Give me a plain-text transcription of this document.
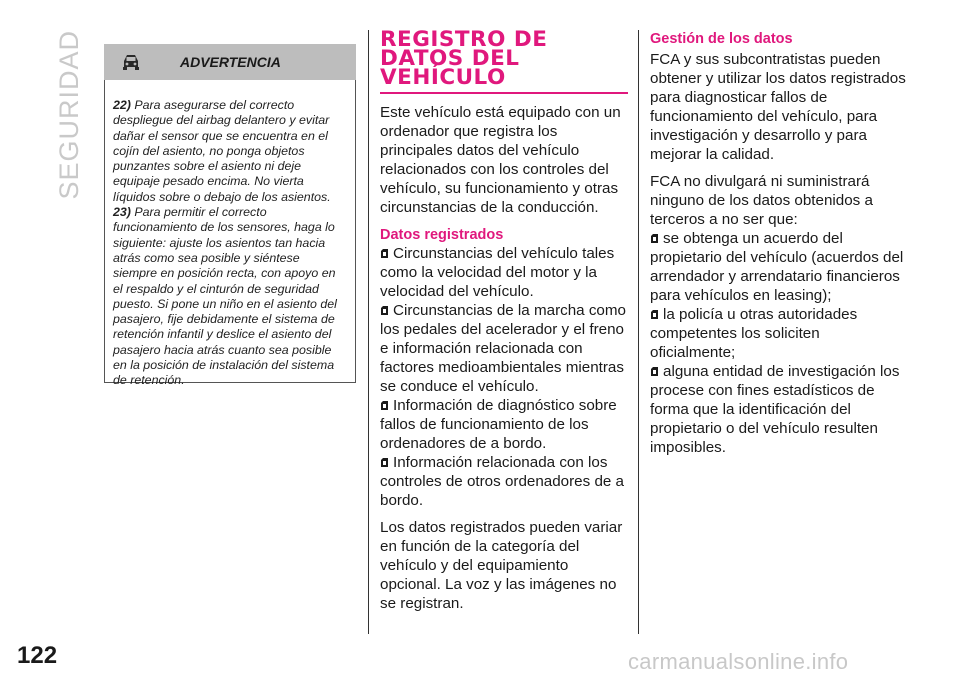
SEGURIDAD	ADVERTENCIA
22) Para asegurarse del correcto despliegue del airbag delantero y evitar dañar el sensor que se encuentra en el cojín del asiento, no ponga objetos punzantes sobre el asiento ni deje equipaje pesado encima. No vierta líquidos sobre o debajo de los asientos.
23) Para permitir el correcto funcionamiento de los sensores, haga lo siguiente: ajuste los asientos tan hacia atrás como sea posible y siéntese siempre en posición recta, con apoyo en el respaldo y el cinturón de seguridad puesto. Si pone un niño en el asiento del pasajero, fije debidamente el sistema de retención infantil y deslice el asiento del pasajero hacia atrás cuanto sea posible en la posición de instalación del sistema de retención.
REGISTRO DE
DATOS DEL
VEHÍCULO

Este vehículo está equipado con un ordenador que registra los principales datos del vehículo relacionados con los controles del vehículo, su funcionamiento y otras circunstancias de la conducción.

Datos registrados
Circunstancias del vehículo tales como la velocidad del motor y la velocidad del vehículo.
Circunstancias de la marcha como los pedales del acelerador y el freno e información relacionada con factores medioambientales mientras se conduce el vehículo.
Información de diagnóstico sobre fallos de funcionamiento de los ordenadores de a bordo.
Información relacionada con los controles de otros ordenadores de a bordo.

Los datos registrados pueden variar en función de la categoría del vehículo y del equipamiento opcional. La voz y las imágenes no se registran.

Gestión de los datos

FCA y sus subcontratistas pueden obtener y utilizar los datos registrados para diagnosticar fallos de funcionamiento del vehículo, para investigación y desarrollo y para mejorar la calidad.

FCA no divulgará ni suministrará ninguno de los datos obtenidos a terceros a no ser que:

se obtenga un acuerdo del propietario del vehículo (acuerdos del arrendador y arrendatario financieros para vehículos en leasing);
la policía u otras autoridades competentes los soliciten oficialmente;
alguna entidad de investigación los procese con fines estadísticos de forma que la identificación del propietario o del vehículo resulten imposibles.
122	carmanualsonline.info
